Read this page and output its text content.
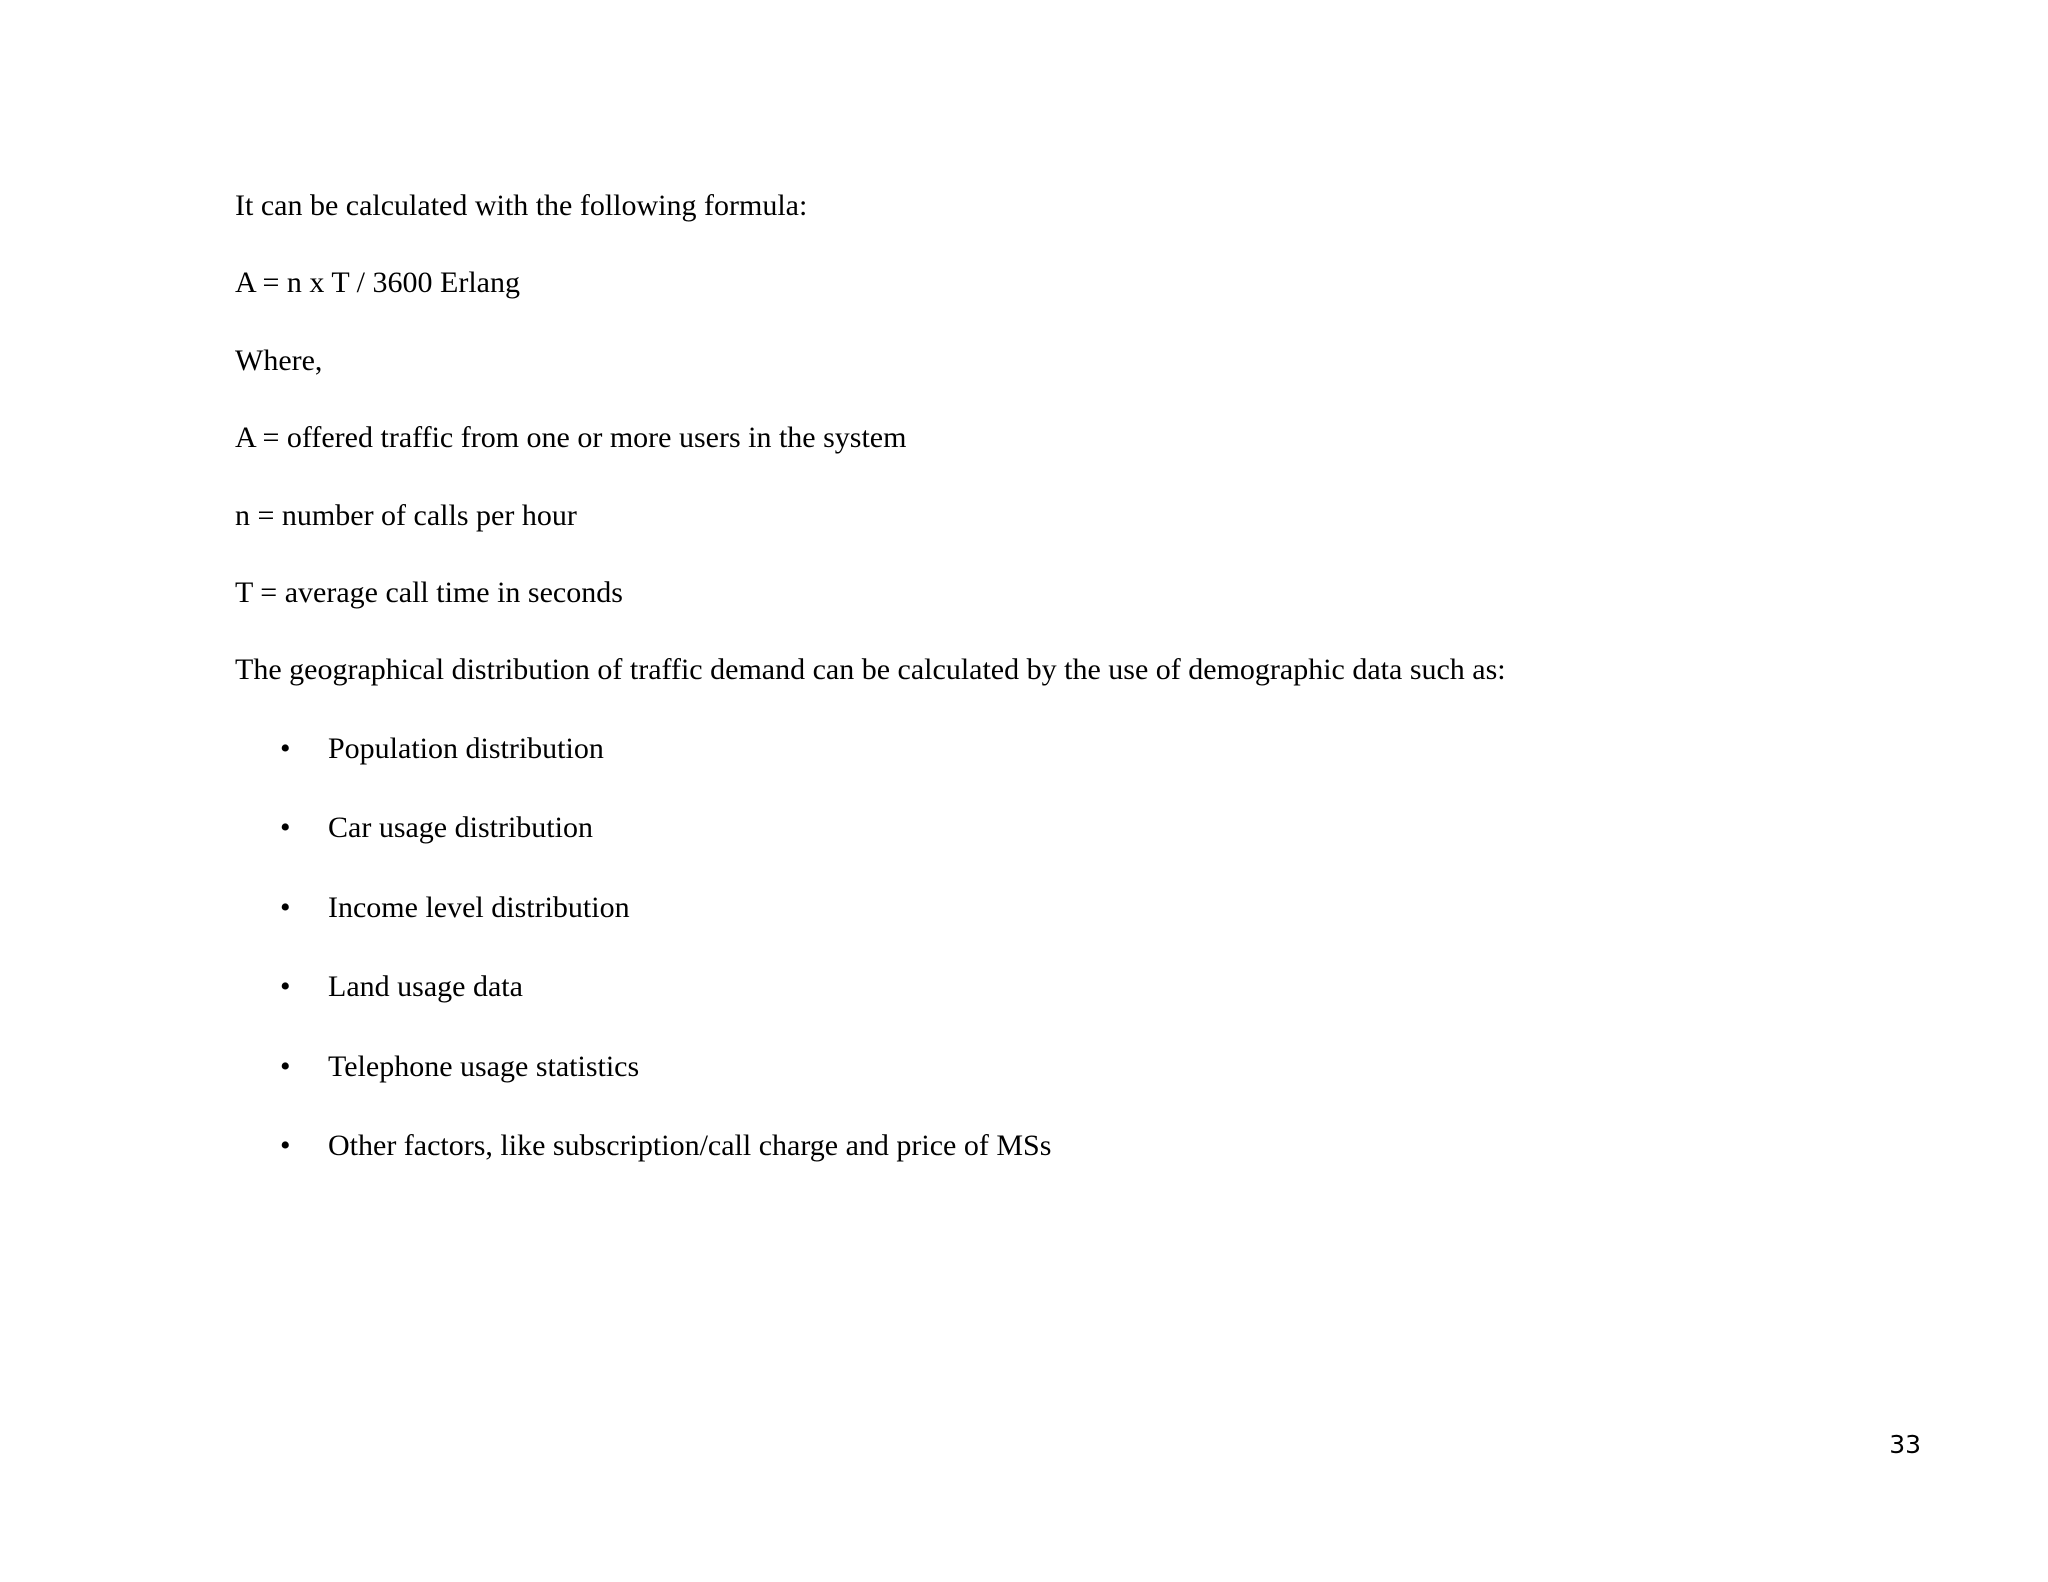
It can be calculated with the following formula:
A = n x T / 3600 Erlang
Where,
A = offered traffic from one or more users in the system
n = number of calls per hour
T = average call time in seconds
The geographical distribution of traffic demand can be calculated by the use of demographic data such as:
•	Population distribution
•	Car usage distribution
•	Income level distribution
•	Land usage data
•	Telephone usage statistics
•	Other factors, like subscription/call charge and price of MSs
33
